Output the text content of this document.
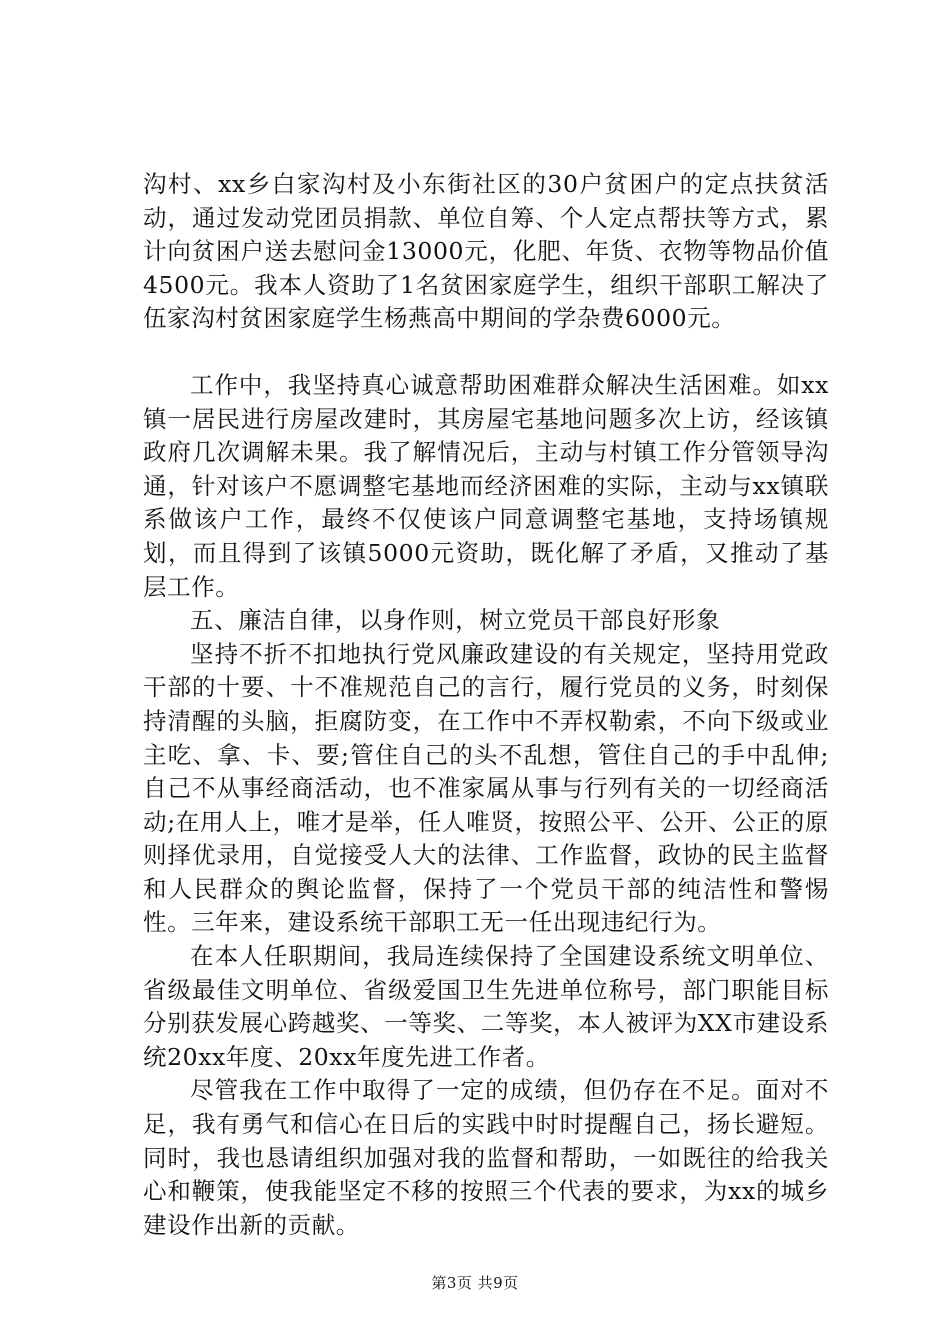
沟村、xx乡白家沟村及小东街社区的30户贫困户的定点扶贫活动，通过发动党团员捐款、单位自筹、个人定点帮扶等方式，累计向贫困户送去慰问金13000元，化肥、年货、衣物等物品价值4500元。我本人资助了1名贫困家庭学生，组织干部职工解决了伍家沟村贫困家庭学生杨燕高中期间的学杂费6000元。

工作中，我坚持真心诚意帮助困难群众解决生活困难。如xx镇一居民进行房屋改建时，其房屋宅基地问题多次上访，经该镇政府几次调解未果。我了解情况后，主动与村镇工作分管领导沟通，针对该户不愿调整宅基地而经济困难的实际，主动与xx镇联系做该户工作，最终不仅使该户同意调整宅基地，支持场镇规划，而且得到了该镇5000元资助，既化解了矛盾，又推动了基层工作。

五、廉洁自律，以身作则，树立党员干部良好形象

坚持不折不扣地执行党风廉政建设的有关规定，坚持用党政干部的十要、十不准规范自己的言行，履行党员的义务，时刻保持清醒的头脑，拒腐防变，在工作中不弄权勒索，不向下级或业主吃、拿、卡、要;管住自己的头不乱想，管住自己的手中乱伸;自己不从事经商活动，也不准家属从事与行列有关的一切经商活动;在用人上，唯才是举，任人唯贤，按照公平、公开、公正的原则择优录用，自觉接受人大的法律、工作监督，政协的民主监督和人民群众的舆论监督，保持了一个党员干部的纯洁性和警惕性。三年来，建设系统干部职工无一任出现违纪行为。

在本人任职期间，我局连续保持了全国建设系统文明单位、省级最佳文明单位、省级爱国卫生先进单位称号，部门职能目标分别获发展心跨越奖、一等奖、二等奖，本人被评为XX市建设系统20xx年度、20xx年度先进工作者。

尽管我在工作中取得了一定的成绩，但仍存在不足。面对不足，我有勇气和信心在日后的实践中时时提醒自己，扬长避短。同时，我也恳请组织加强对我的监督和帮助，一如既往的给我关心和鞭策，使我能坚定不移的按照三个代表的要求，为xx的城乡建设作出新的贡献。

第3页 共9页
